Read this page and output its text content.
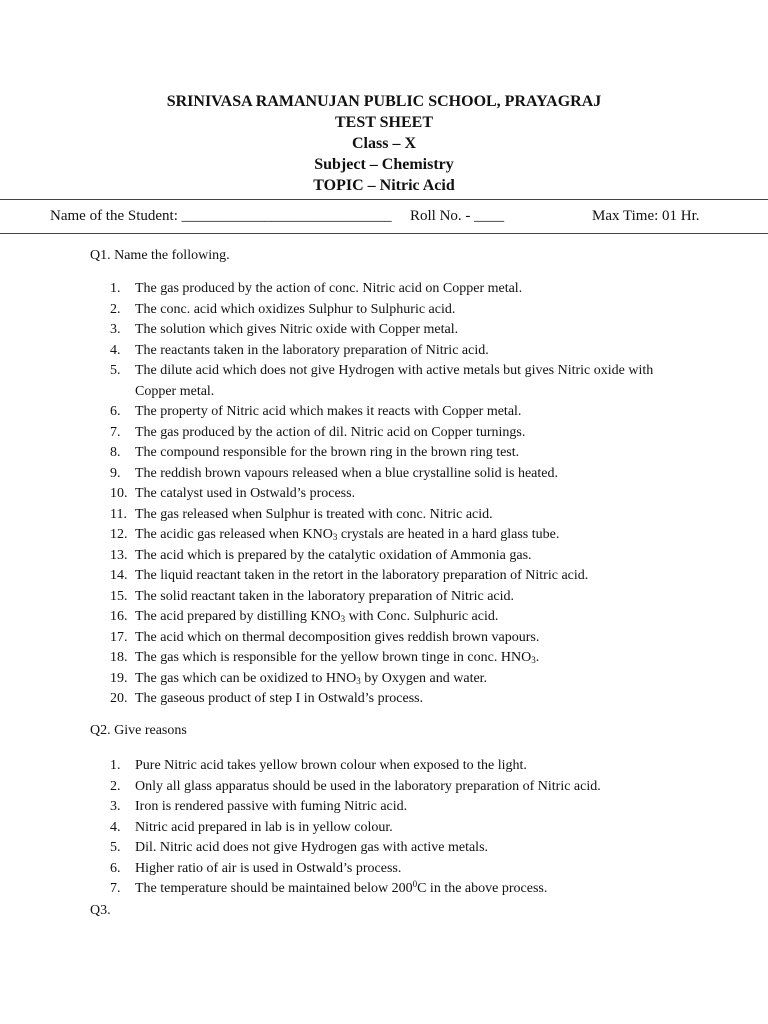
SRINIVASA RAMANUJAN PUBLIC SCHOOL, PRAYAGRAJ
TEST SHEET
Class – X
Subject – Chemistry
TOPIC – Nitric Acid
Name of the Student: ____________________________ Roll No. - ____	Max Time: 01 Hr.
Q1. Name the following.
1. The gas produced by the action of conc. Nitric acid on Copper metal.
2. The conc. acid which oxidizes Sulphur to Sulphuric acid.
3. The solution which gives Nitric oxide with Copper metal.
4. The reactants taken in the laboratory preparation of Nitric acid.
5. The dilute acid which does not give Hydrogen with active metals but gives Nitric oxide with Copper metal.
6. The property of Nitric acid which makes it reacts with Copper metal.
7. The gas produced by the action of dil. Nitric acid on Copper turnings.
8. The compound responsible for the brown ring in the brown ring test.
9. The reddish brown vapours released when a blue crystalline solid is heated.
10. The catalyst used in Ostwald’s process.
11. The gas released when Sulphur is treated with conc. Nitric acid.
12. The acidic gas released when $KNO_3$ crystals are heated in a hard glass tube.
13. The acid which is prepared by the catalytic oxidation of Ammonia gas.
14. The liquid reactant taken in the retort in the laboratory preparation of Nitric acid.
15. The solid reactant taken in the laboratory preparation of Nitric acid.
16. The acid prepared by distilling $KNO_3$ with Conc. Sulphuric acid.
17. The acid which on thermal decomposition gives reddish brown vapours.
18. The gas which is responsible for the yellow brown tinge in conc. $HNO_3$.
19. The gas which can be oxidized to $HNO_3$ by Oxygen and water.
20. The gaseous product of step I in Ostwald’s process.
Q2. Give reasons
1. Pure Nitric acid takes yellow brown colour when exposed to the light.
2. Only all glass apparatus should be used in the laboratory preparation of Nitric acid.
3. Iron is rendered passive with fuming Nitric acid.
4. Nitric acid prepared in lab is in yellow colour.
5. Dil. Nitric acid does not give Hydrogen gas with active metals.
6. Higher ratio of air is used in Ostwald’s process.
7. The temperature should be maintained below $200^0C$ in the above process.
Q3.
